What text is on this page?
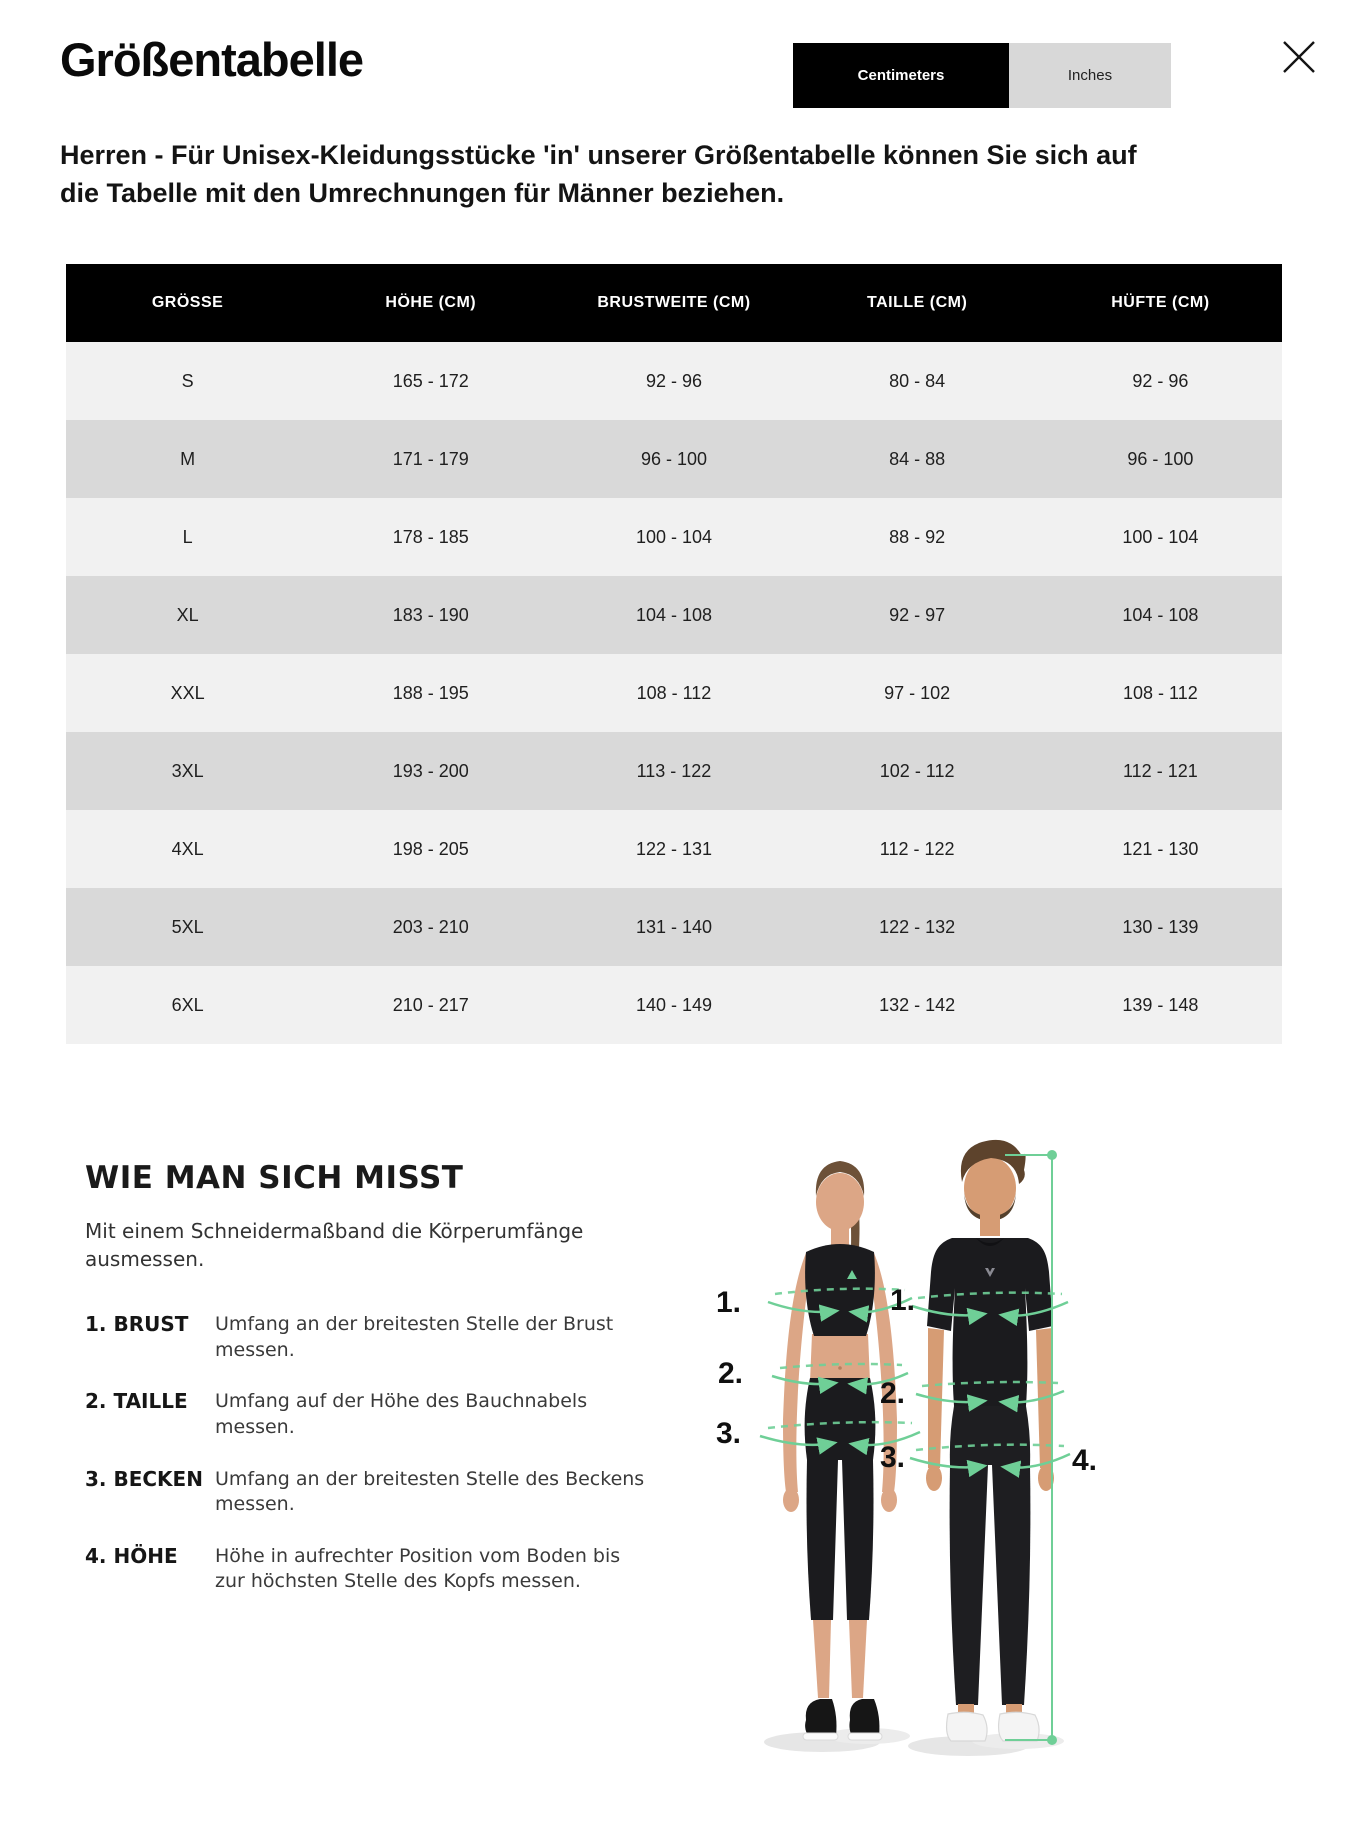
Größentabelle	Centimeters	Inches

Herren - Für Unisex-Kleidungsstücke 'in' unserer Größentabelle können Sie sich auf die Tabelle mit den Umrechnungen für Männer beziehen.

GRÖSSE	HÖHE (CM)	BRUSTWEITE (CM)	TAILLE (CM)	HÜFTE (CM)
S	165 - 172	92 - 96	80 - 84	92 - 96
M	171 - 179	96 - 100	84 - 88	96 - 100
L	178 - 185	100 - 104	88 - 92	100 - 104
XL	183 - 190	104 - 108	92 - 97	104 - 108
XXL	188 - 195	108 - 112	97 - 102	108 - 112
3XL	193 - 200	113 - 122	102 - 112	112 - 121
4XL	198 - 205	122 - 131	112 - 122	121 - 130
5XL	203 - 210	131 - 140	122 - 132	130 - 139
6XL	210 - 217	140 - 149	132 - 142	139 - 148
WIE MAN SICH MISST

Mit einem Schneidermaßband die Körperumfänge ausmessen.

1. BRUST	Umfang an der breitesten Stelle der Brust messen.
2. TAILLE	Umfang auf der Höhe des Bauchnabels messen.
3. BECKEN Umfang an der breitesten Stelle des Beckens messen.
4. HÖHE	Höhe in aufrechter Position vom Boden bis zur höchsten Stelle des Kopfs messen.
1.
2.
3.
1.
2.
3.	4.
